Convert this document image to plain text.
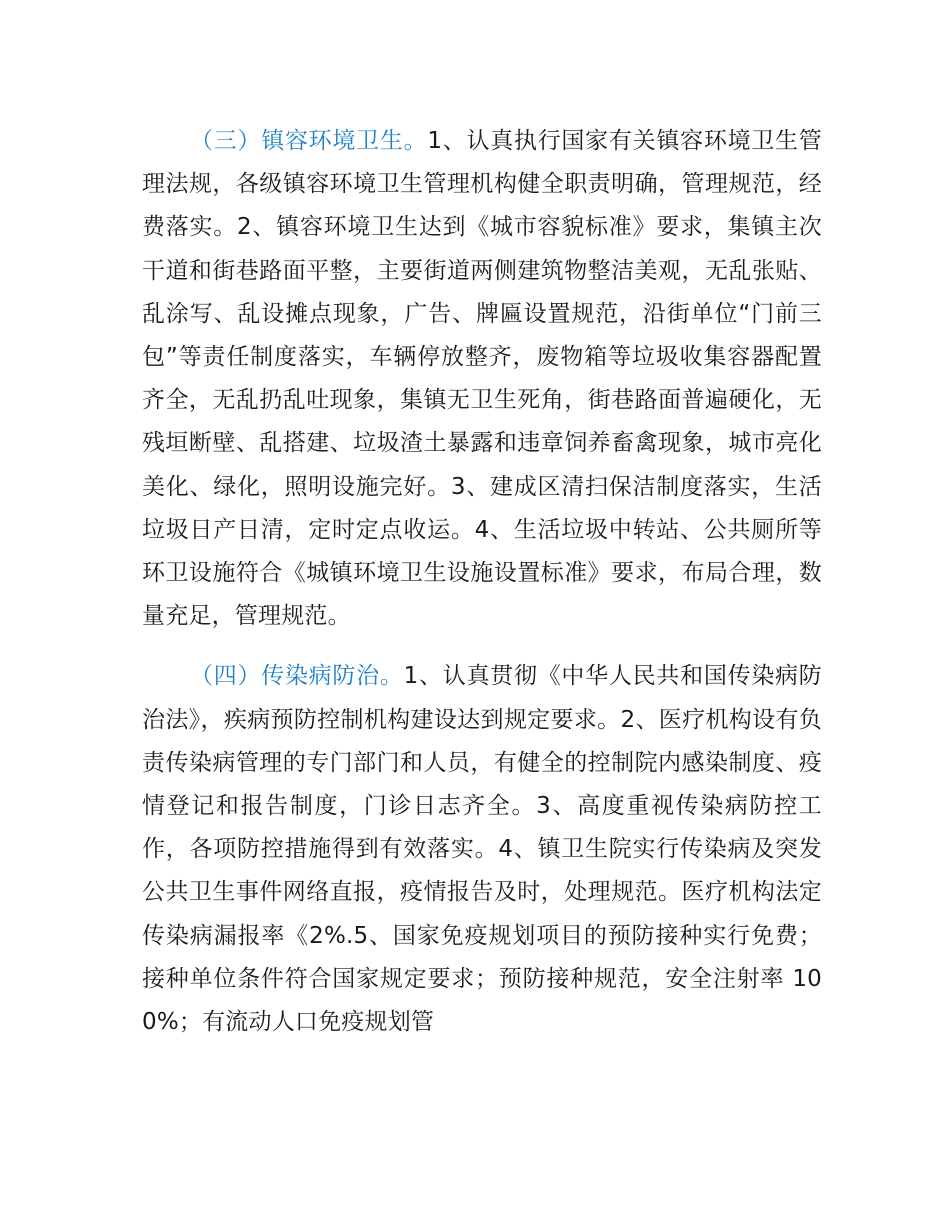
（三）镇容环境卫生。1、认真执行国家有关镇容环境卫生管理法规，各级镇容环境卫生管理机构健全职责明确，管理规范，经费落实。2、镇容环境卫生达到《城市容貌标准》要求，集镇主次干道和街巷路面平整，主要街道两侧建筑物整洁美观，无乱张贴、乱涂写、乱设摊点现象，广告、牌匾设置规范，沿街单位“门前三包”等责任制度落实，车辆停放整齐，废物箱等垃圾收集容器配置齐全，无乱扔乱吐现象，集镇无卫生死角，街巷路面普遍硬化，无残垣断壁、乱搭建、垃圾渣土暴露和违章饲养畜禽现象，城市亮化美化、绿化，照明设施完好。3、建成区清扫保洁制度落实，生活垃圾日产日清，定时定点收运。4、生活垃圾中转站、公共厕所等环卫设施符合《城镇环境卫生设施设置标准》要求，布局合理，数量充足，管理规范。

（四）传染病防治。1、认真贯彻《中华人民共和国传染病防治法》，疾病预防控制机构建设达到规定要求。2、医疗机构设有负责传染病管理的专门部门和人员，有健全的控制院内感染制度、疫情登记和报告制度，门诊日志齐全。3、高度重视传染病防控工作，各项防控措施得到有效落实。4、镇卫生院实行传染病及突发公共卫生事件网络直报，疫情报告及时，处理规范。医疗机构法定传染病漏报率《2%.5、国家免疫规划项目的预防接种实行免费；接种单位条件符合国家规定要求；预防接种规范，安全注射率 100%；有流动人口免疫规划管
